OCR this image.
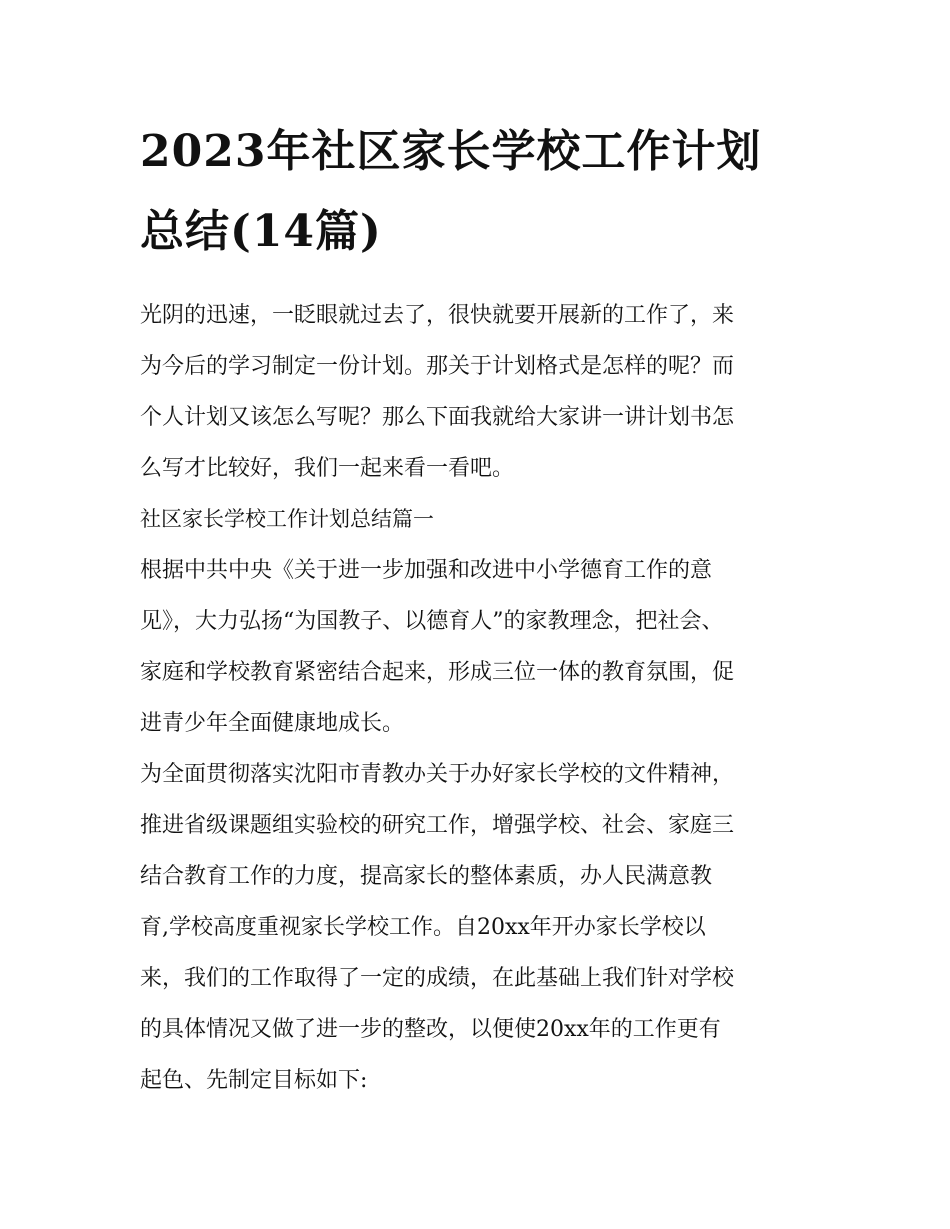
2023年社区家长学校工作计划
总结(14篇)
光阴的迅速，一眨眼就过去了，很快就要开展新的工作了，来
为今后的学习制定一份计划。那关于计划格式是怎样的呢？而
个人计划又该怎么写呢？那么下面我就给大家讲一讲计划书怎
么写才比较好，我们一起来看一看吧。
社区家长学校工作计划总结篇一
根据中共中央《关于进一步加强和改进中小学德育工作的意
见》，大力弘扬“为国教子、以德育人”的家教理念，把社会、
家庭和学校教育紧密结合起来，形成三位一体的教育氛围，促
进青少年全面健康地成长。
为全面贯彻落实沈阳市青教办关于办好家长学校的文件精神，
推进省级课题组实验校的研究工作，增强学校、社会、家庭三
结合教育工作的力度，提高家长的整体素质，办人民满意教
育,学校高度重视家长学校工作。自20xx年开办家长学校以
来，我们的工作取得了一定的成绩，在此基础上我们针对学校
的具体情况又做了进一步的整改，以便使20xx年的工作更有
起色、先制定目标如下:
